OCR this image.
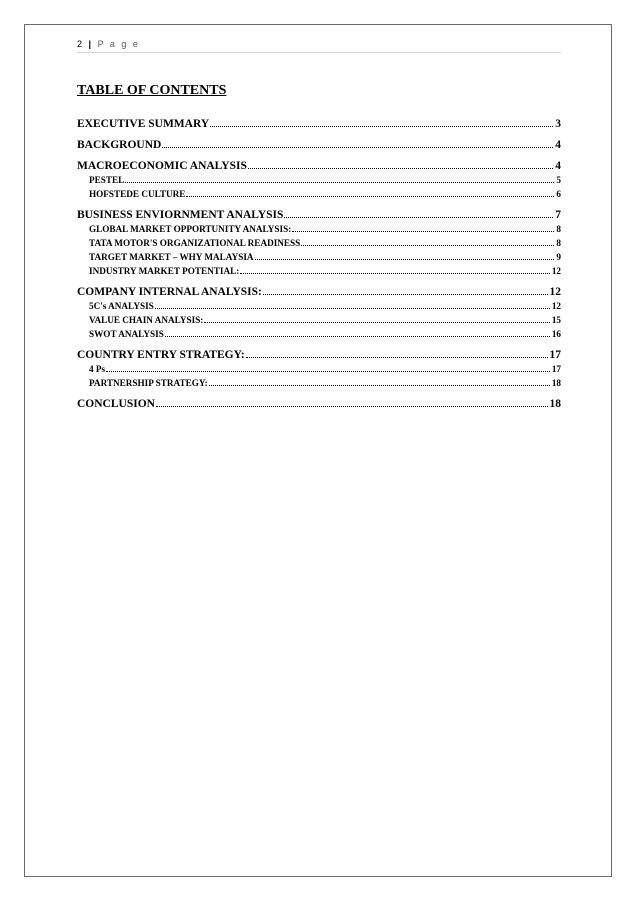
2 | P a g e
TABLE OF CONTENTS
EXECUTIVE SUMMARY	3
BACKGROUND	4
MACROECONOMIC ANALYSIS	4
PESTEL	5
HOFSTEDE CULTURE	6
BUSINESS ENVIORNMENT ANALYSIS	7
GLOBAL MARKET OPPORTUNITY ANALYSIS:	8
TATA MOTOR'S ORGANIZATIONAL READINESS	8
TARGET MARKET – WHY MALAYSIA	9
INDUSTRY MARKET POTENTIAL:	12
COMPANY INTERNAL ANALYSIS:	12
5C's ANALYSIS	12
VALUE CHAIN ANALYSIS:	15
SWOT ANALYSIS	16
COUNTRY ENTRY STRATEGY:	17
4 Ps	17
PARTNERSHIP STRATEGY:	18
CONCLUSION	18
